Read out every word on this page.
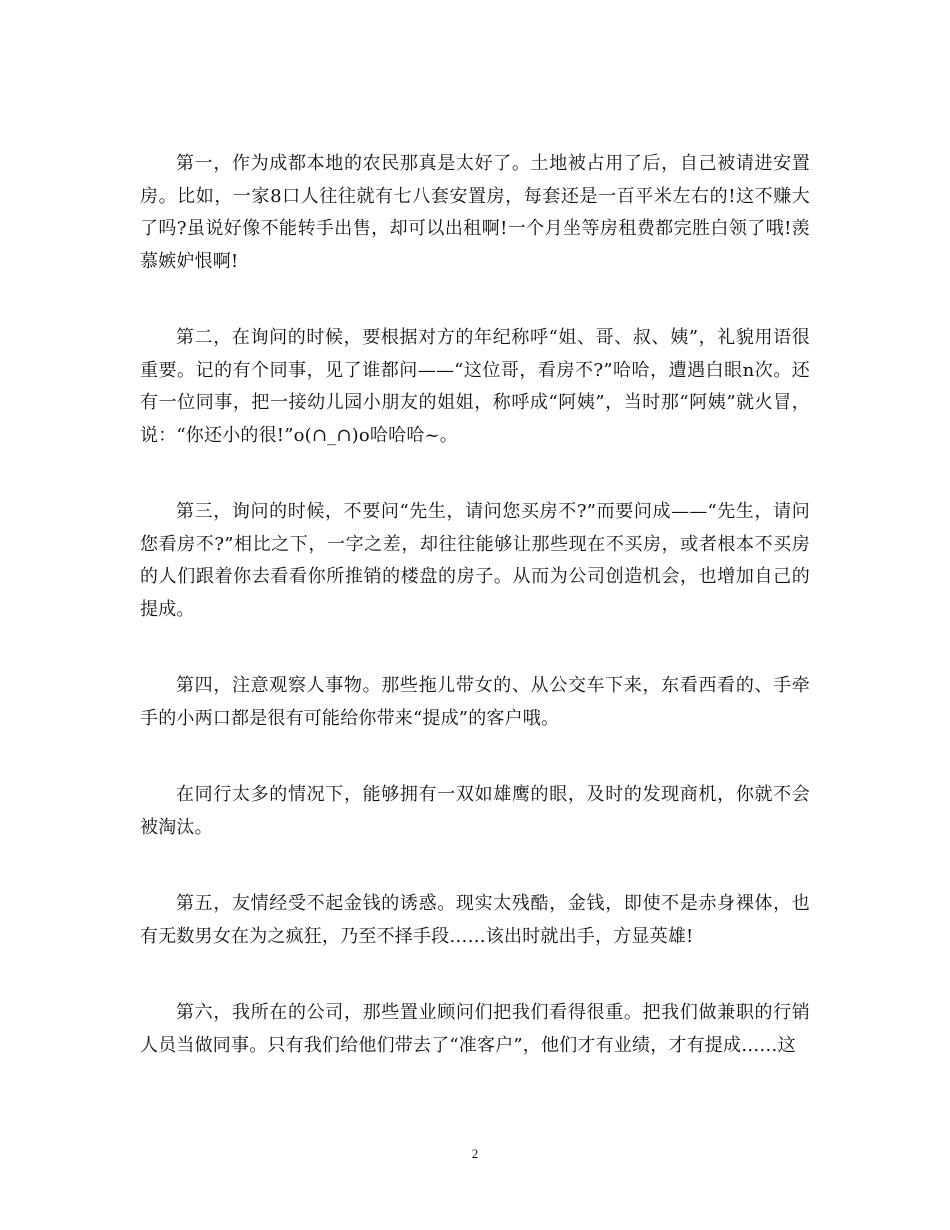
第一，作为成都本地的农民那真是太好了。土地被占用了后，自己被请进安置房。比如，一家8口人往往就有七八套安置房，每套还是一百平米左右的!这不赚大了吗?虽说好像不能转手出售，却可以出租啊!一个月坐等房租费都完胜白领了哦!羡慕嫉妒恨啊!

第二，在询问的时候，要根据对方的年纪称呼“姐、哥、叔、姨”，礼貌用语很重要。记的有个同事，见了谁都问——“这位哥，看房不?”哈哈，遭遇白眼n次。还有一位同事，把一接幼儿园小朋友的姐姐，称呼成“阿姨”，当时那“阿姨”就火冒，说：“你还小的很!”o(∩_∩)o哈哈哈~。

第三，询问的时候，不要问“先生，请问您买房不?”而要问成——“先生，请问您看房不?”相比之下，一字之差，却往往能够让那些现在不买房，或者根本不买房的人们跟着你去看看你所推销的楼盘的房子。从而为公司创造机会，也增加自己的提成。

第四，注意观察人事物。那些拖儿带女的、从公交车下来，东看西看的、手牵手的小两口都是很有可能给你带来“提成”的客户哦。

在同行太多的情况下，能够拥有一双如雄鹰的眼，及时的发现商机，你就不会被淘汰。

第五，友情经受不起金钱的诱惑。现实太残酷，金钱，即使不是赤身裸体，也有无数男女在为之疯狂，乃至不择手段……该出时就出手，方显英雄!

第六，我所在的公司，那些置业顾问们把我们看得很重。把我们做兼职的行销人员当做同事。只有我们给他们带去了“准客户”，他们才有业绩，才有提成……这

2
